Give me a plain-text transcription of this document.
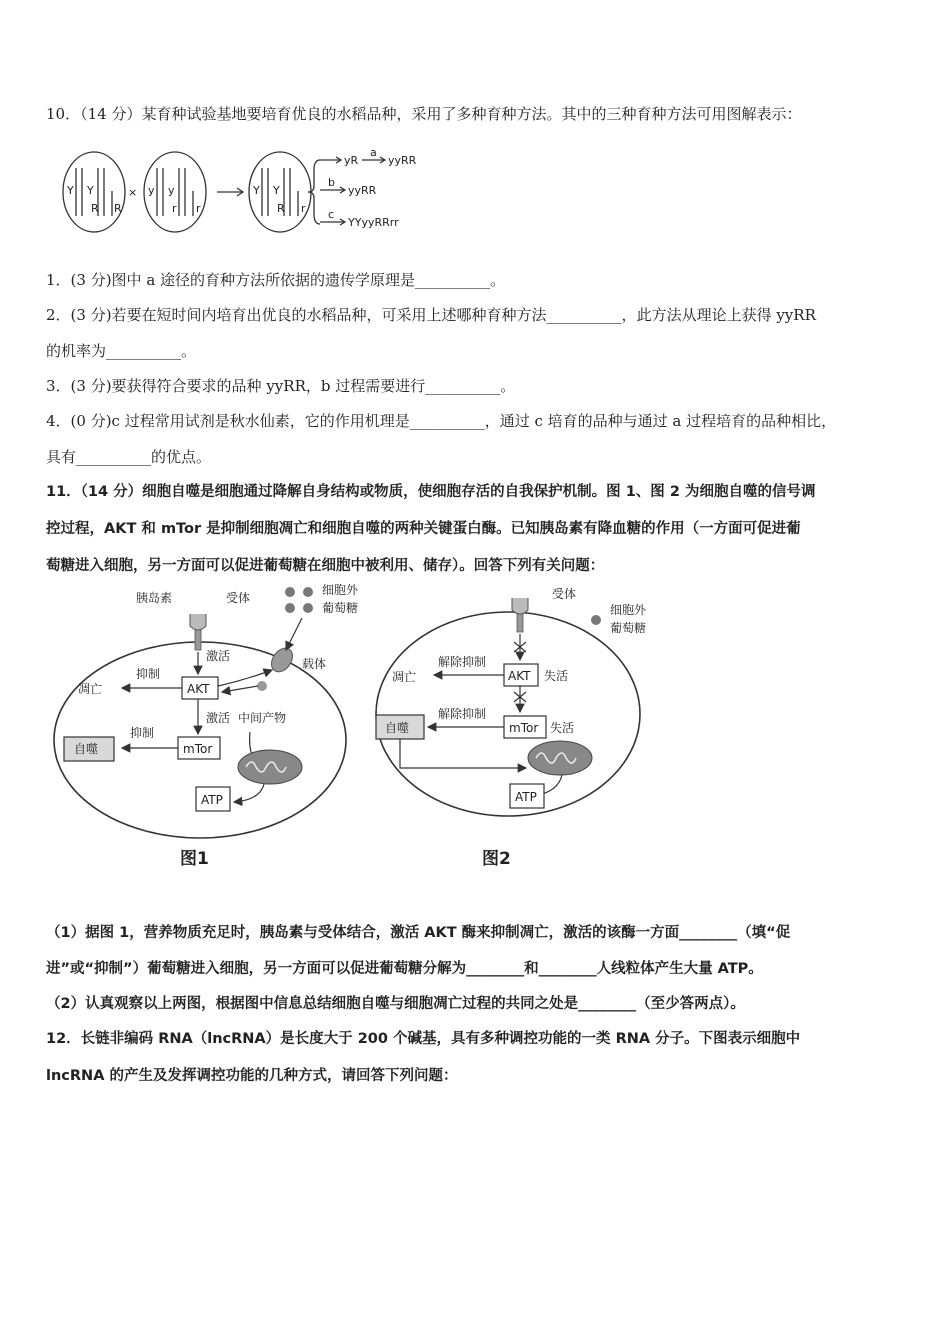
10．（14 分）某育种试验基地要培育优良的水稻品种，采用了多种育种方法。其中的三种育种方法可用图解表示：
Y Y
R R
× y y
r r
Y Y
R r
yR
a
yyRR
b
yyRR
c
YYyyRRrr
1．(3 分)图中 a 途径的育种方法所依据的遗传学原理是__________。
2．(3 分)若要在短时间内培育出优良的水稻品种，可采用上述哪种育种方法__________，此方法从理论上获得 yyRR
的机率为__________。
3．(3 分)要获得符合要求的品种 yyRR，b 过程需要进行__________。
4．(0 分)c 过程常用试剂是秋水仙素，它的作用机理是__________，通过 c 培育的品种与通过 a 过程培育的品种相比，
具有__________的优点。
11．（14 分）细胞自噬是细胞通过降解自身结构或物质，使细胞存活的自我保护机制。图 1、图 2 为细胞自噬的信号调
控过程，AKT 和 mTor 是抑制细胞凋亡和细胞自噬的两种关键蛋白酶。已知胰岛素有降血糖的作用（一方面可促进葡
萄糖进入细胞，另一方面可以促进葡萄糖在细胞中被利用、储存）。回答下列有关问题：
胰岛素	受体
细胞外
葡萄糖
激活
载体
抑制
凋亡	AKT
激活 中间产物
抑制
自噬	mTor
ATP
图1
受体
细胞外
葡萄糖
解除抑制
凋亡	AKT 失活
解除抑制
自噬	mTor 失活
ATP
图2
（1）据图 1，营养物质充足时，胰岛素与受体结合，激活 AKT 酶来抑制凋亡，激活的该酶一方面________（填“促
进”或“抑制”）葡萄糖进入细胞，另一方面可以促进葡萄糖分解为________和________人线粒体产生大量 ATP。
（2）认真观察以上两图，根据图中信息总结细胞自噬与细胞凋亡过程的共同之处是________（至少答两点）。
12．长链非编码 RNA（lncRNA）是长度大于 200 个碱基，具有多种调控功能的一类 RNA 分子。下图表示细胞中
lncRNA 的产生及发挥调控功能的几种方式，请回答下列问题：
